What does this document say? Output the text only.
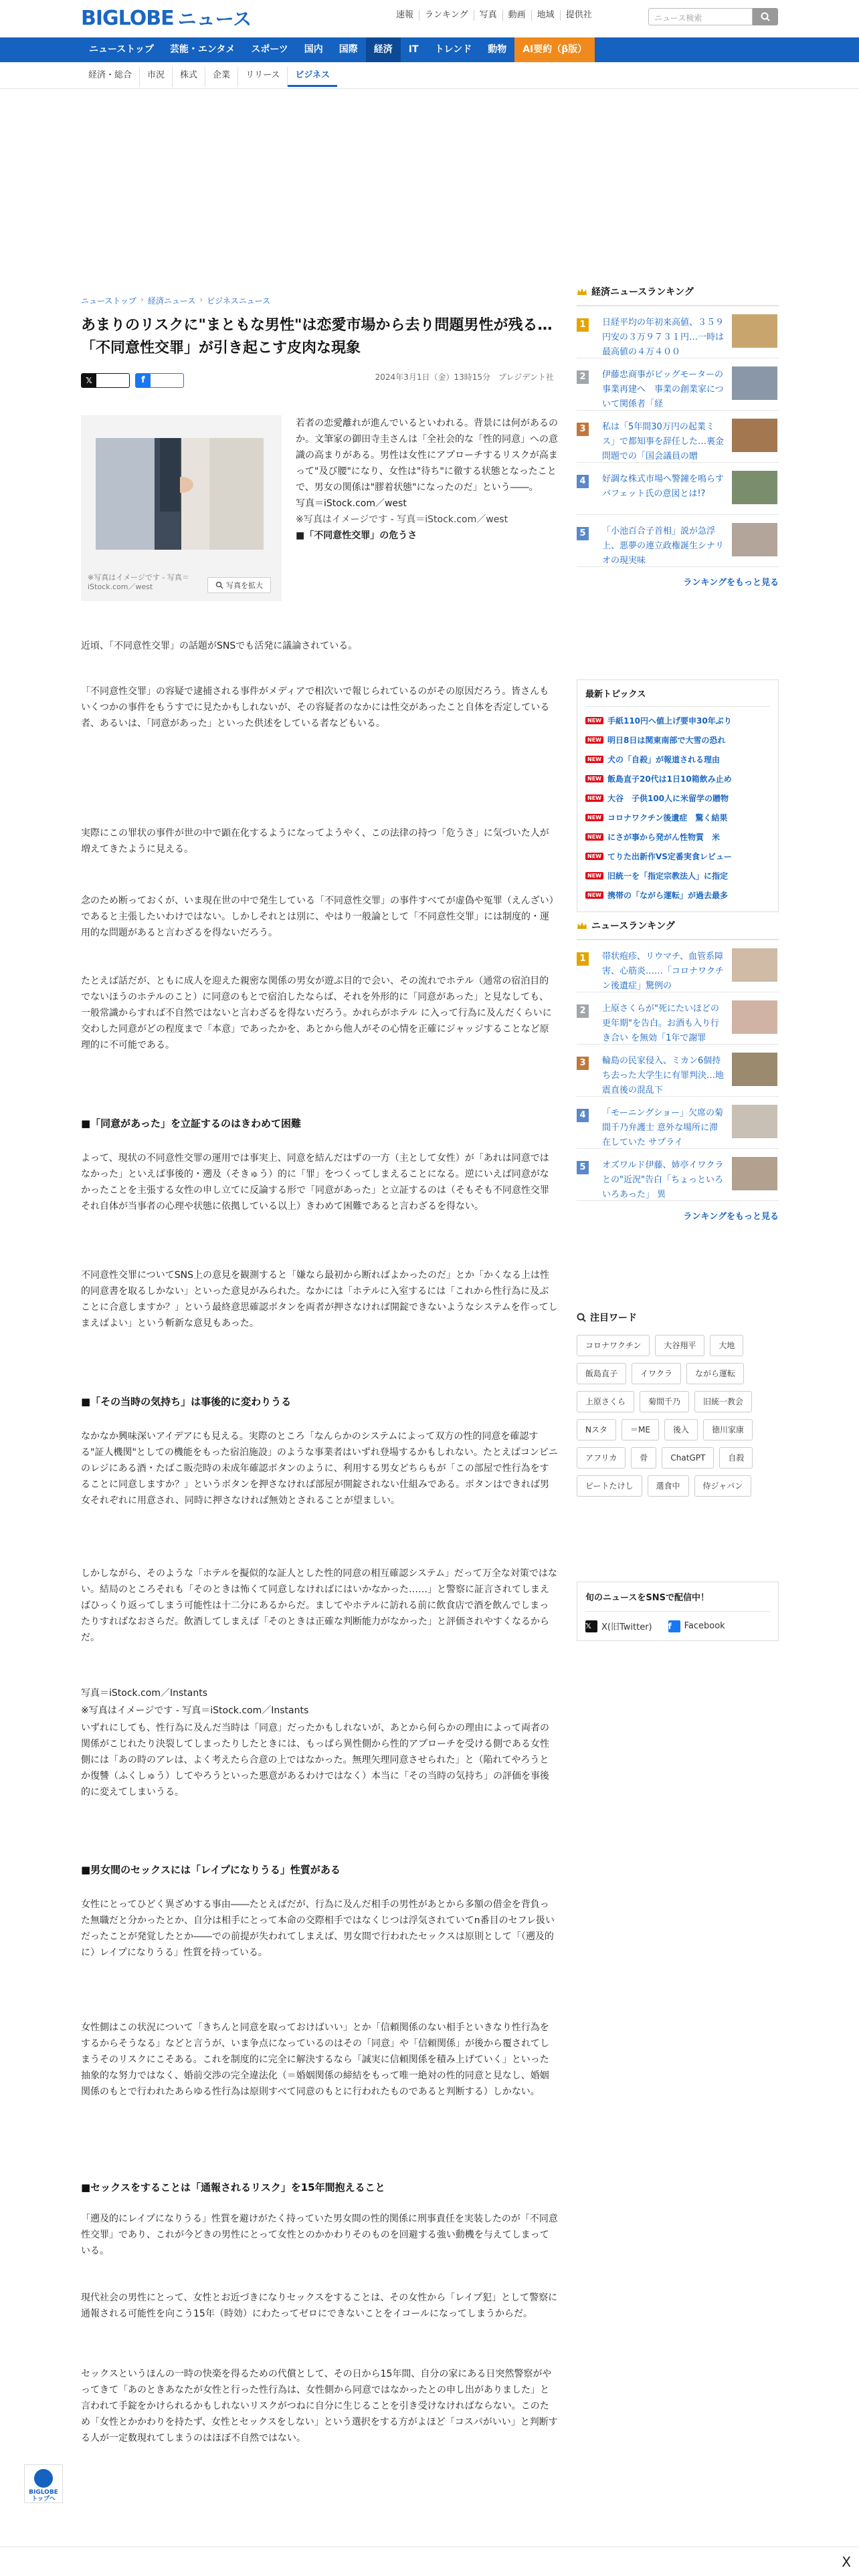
BIGLOBE ニュース	速報	ランキング	写真	動画	地域	提供社	ニュース検索
ニューストップ	芸能・エンタメ	スポーツ	国内	国際	経済	IT	トレンド	動物	AI要約（β版）
経済・総合	市況	株式	企業	リリース	ビジネス
ニューストップ › 経済ニュース › ビジネスニュース
あまりのリスクに"まともな男性"は恋愛市場から去り問題男性が残る…「不同意性交罪」が引き起こす皮肉な現象
𝕏	f	2024年3月1日（金）13時15分　プレジデント社
※写真はイメージです - 写真＝iStock.com／west	写真を拡大

若者の恋愛離れが進んでいるといわれる。背景には何があるのか。文筆家の御田寺圭さんは「全社会的な「性的同意」への意識の高まりがある。男性は女性にアプローチするリスクが高まって"及び腰"になり、女性は"待ち"に徹する状態となったことで、男女の関係は"膠着状態"になったのだ」という――。

写真＝iStock.com／west

※写真はイメージです - 写真＝iStock.com／west

■「不同意性交罪」の危うさ

近頃、「不同意性交罪」の話題がSNSでも活発に議論されている。

「不同意性交罪」の容疑で逮捕される事件がメディアで相次いで報じられているのがその原因だろう。皆さんもいくつかの事件をもうすでに見たかもしれないが、その容疑者のなかには性交があったこと自体を否定している者、あるいは、「同意があった」といった供述をしている者などもいる。

実際にこの罪状の事件が世の中で顕在化するようになってようやく、この法律の持つ「危うさ」に気づいた人が増えてきたように見える。

念のため断っておくが、いま現在世の中で発生している「不同意性交罪」の事件すべてが虚偽や冤罪（えんざい）であると主張したいわけではない。しかしそれとは別に、やはり一般論として「不同意性交罪」には制度的・運用的な問題があると言わざるを得ないだろう。

たとえば話だが、ともに成人を迎えた親密な関係の男女が遊ぶ目的で会い、その流れでホテル（通常の宿泊目的でないほうのホテルのこと）に同意のもとで宿泊したならば、それを外形的に「同意があった」と見なしても、一般常識からすれば不自然ではないと言わざるを得ないだろう。かれらがホテル に入って行為に及んだくらいに交わした同意がどの程度まで「本意」であったかを、あとから他人がその心情を正確にジャッジすることなど原理的に不可能である。

■「同意があった」を立証するのはきわめて困難

よって、現状の不同意性交罪の運用では事実上、同意を結んだはずの一方（主として女性）が「あれは同意ではなかった」といえば事後的・遡及（そきゅう）的に「罪」をつくってしまえることになる。逆にいえば同意がなかったことを主張する女性の申し立てに反論する形で「同意があった」と立証するのは（そもそも不同意性交罪それ自体が当事者の心理や状態に依拠している以上）きわめて困難であると言わざるを得ない。

不同意性交罪についてSNS上の意見を観測すると「嫌なら最初から断ればよかったのだ」とか「かくなる上は性的同意書を取るしかない」といった意見がみられた。なかには「ホテルに入室するには「これから性行為に及ぶことに合意しますか？」という最終意思確認ボタンを両者が押さなければ開錠できないようなシステムを作ってしまえばよい」という斬新な意見もあった。

■「その当時の気持ち」は事後的に変わりうる

なかなか興味深いアイデアにも見える。実際のところ「なんらかのシステムによって双方の性的同意を確認する"証人機関"としての機能をもった宿泊施設」のような事業者はいずれ登場するかもしれない。たとえばコンビニのレジにある酒・たばこ販売時の未成年確認ボタンのように、利用する男女どちらもが「この部屋で性行為をすることに同意しますか？」というボタンを押さなければ部屋が開錠されない仕組みである。ボタンはできれば男女それぞれに用意され、同時に押さなければ無効とされることが望ましい。

しかしながら、そのような「ホテルを擬似的な証人とした性的同意の相互確認システム」だって万全な対策ではない。結局のところそれも「そのときは怖くて同意しなければにはいかなかった……」と警察に証言されてしまえばひっくり返ってしまう可能性は十二分にあるからだ。ましてやホテルに訪れる前に飲食店で酒を飲んでしまったりすればなおさらだ。飲酒してしまえば「そのときは正確な判断能力がなかった」と評価されやすくなるからだ。

写真＝iStock.com／Instants

※写真はイメージです - 写真＝iStock.com／Instants

いずれにしても、性行為に及んだ当時は「同意」だったかもしれないが、あとから何らかの理由によって両者の関係がこじれたり決裂してしまったりしたときには、もっぱら異性側から性的アプローチを受ける側である女性側には「あの時のアレは、よく考えたら合意の上ではなかった。無理矢理同意させられた」と（陥れてやろうとか復讐（ふくしゅう）してやろうといった悪意があるわけではなく）本当に「その当時の気持ち」の評価を事後的に変えてしまいうる。

■男女間のセックスには「レイプになりうる」性質がある

女性にとってひどく異ざめする事由――たとえばだが、行為に及んだ相手の男性があとから多額の借金を背負った無職だと分かったとか、自分は相手にとって本命の交際相手ではなくじつは浮気されていてn番目のセフレ扱いだったことが発覚したとか――での前提が失われてしまえば、男女間で行われたセックスは原則として「（遡及的に）レイプになりうる」性質を持っている。

女性側はこの状況について「きちんと同意を取っておけばいい」とか「信頼関係のない相手といきなり性行為をするからそうなる」などと言うが、いま争点になっているのはその「同意」や「信頼関係」が後から覆されてしまうそのリスクにこそある。これを制度的に完全に解決するなら「誠実に信頼関係を積み上げていく」といった抽象的な努力ではなく、婚前交渉の完全違法化（＝婚姻関係の締結をもって唯一絶対の性的同意と見なし、婚姻関係のもとで行われたあらゆる性行為は原則すべて同意のもとに行われたものであると判断する）しかない。

■セックスをすることは「通報されるリスク」を15年間抱えること

「遡及的にレイプになりうる」性質を避けがたく持っていた男女間の性的関係に刑事責任を実装したのが「不同意性交罪」であり、これが今どきの男性にとって女性とのかかわりそのものを回避する強い動機を与えてしまっている。

現代社会の男性にとって、女性とお近づきになりセックスをすることは、その女性から「レイプ犯」として警察に通報される可能性を向こう15年（時効）にわたってゼロにできないことをイコールになってしまうからだ。

セックスというほんの一時の快楽を得るための代償として、その日から15年間、自分の家にある日突然警察がやってきて「あのときあなたが女性と行った性行為は、女性側から同意ではなかったとの申し出がありました」と言われて手錠をかけられるかもしれないリスクがつねに自分に生じることを引き受けなければならない。このため「女性とかかわりを持たず、女性とセックスをしない」という選択をする方がよほど「コスパがいい」と判断する人が一定数現れてしまうのはほぼ不自然ではない。

経済ニュースランキング
1	日経平均の年初来高値、３５９円安の３万９７３１円…一時は最高値の４万４００
2	伊藤忠商事がビッグモーターの事業再建へ　事業の創業家について関係者「経
3	私は「5年間30万円の起業ミス」で都知事を辞任した…裏金問題での「国会議員の贈
4	好調な株式市場へ警鐘を鳴らすバフェット氏の意図とは!?
5	「小池百合子首相」説が急浮上、悪夢の連立政権誕生シナリオの現実味
ランキングをもっと見る
最新トピックス
NEW 手紙110円へ値上げ要申30年ぶり
NEW 明日8日は関東南部で大雪の恐れ
NEW 犬の「自殺」が報道される理由
NEW 飯島直子20代は1日10箱飲み止め
NEW 大谷　子供100人に米留学の贈物
NEW コロナワクチン後遺症　驚く結果
NEW にさが事から発がん性物質　米
NEW てりた出新作VS定番実食レビュー
NEW 旧統一を「指定宗教法人」に指定
NEW 携帯の「ながら運転」が過去最多
ニュースランキング
1	帯状疱疹、リウマチ、血管系障害、心筋炎……「コロナワクチン後遺症」驚例の
2	上原さくらが"死にたいほどの更年期"を告白。お酒も入り行き合い を無効「1年で謝罪
3	輪島の民家侵入、ミカン6個持ち去った大学生に有罪判決…地震直後の混乱下
4	「モーニングショー」欠席の菊間千乃弁護士 意外な場所に滞在していた サプライ
5	オズワルド伊藤、姉亭イワクラとの"近況"告白「ちょっといろいろあった」 異
ランキングをもっと見る
注目ワード
コロナワクチン	大谷翔平	大地
飯島直子	イワクラ	ながら運転
上原さくら	菊間千乃	旧統一教会
Nスタ	＝ME	後入	徳川家康
アフリカ	骨	ChatGPT	自殺
ピートたけし	選食中	侍ジャパン
旬のニュースをSNSで配信中！
𝕏	X(旧Twitter) f	Facebook
BIGLOBE
トップへ
X
